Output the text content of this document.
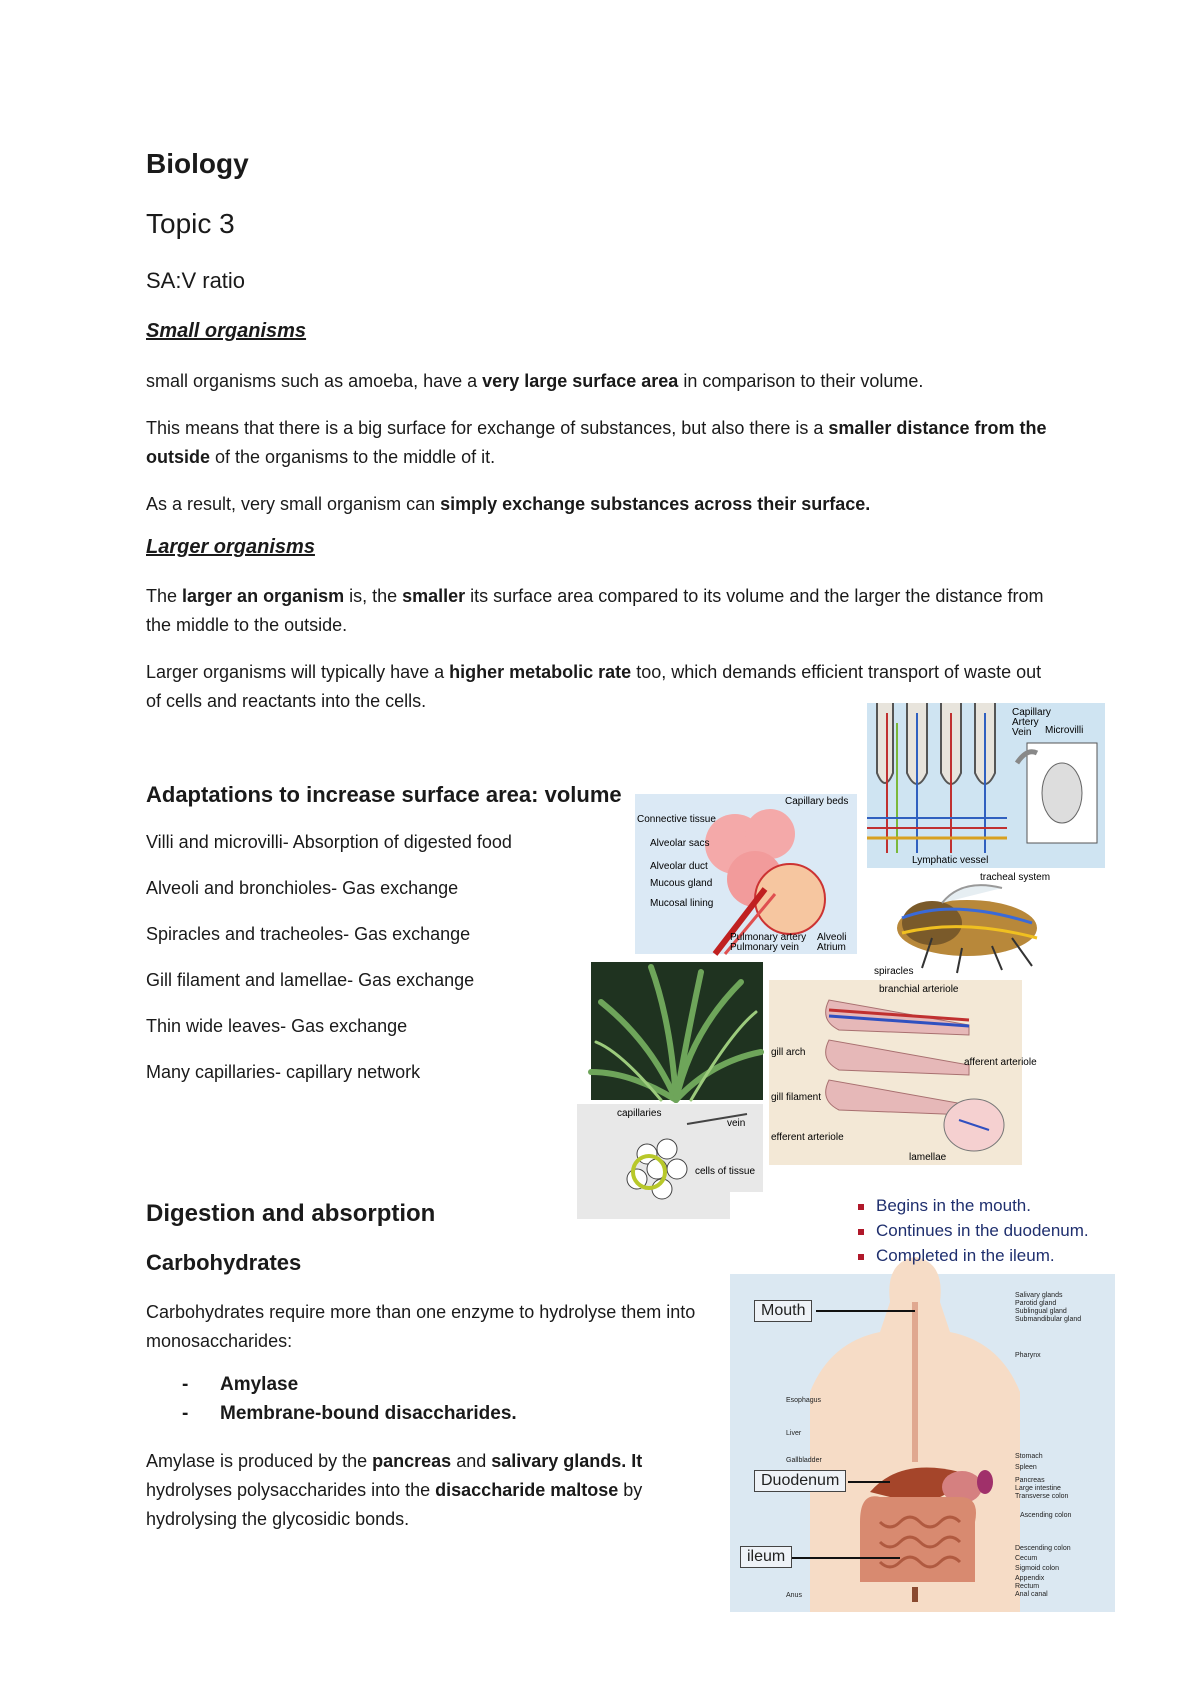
Biology
Topic 3
SA:V ratio
Small organisms
small organisms such as amoeba, have a very large surface area in comparison to their volume.
This means that there is a big surface for exchange of substances, but also there is a smaller distance from the outside of the organisms to the middle of it.
As a result, very small organism can simply exchange substances across their surface.
Larger organisms
The larger an organism is, the smaller its surface area compared to its volume and the larger the distance from the middle to the outside.
Larger organisms will typically have a higher metabolic rate too, which demands efficient transport of waste out of cells and reactants into the cells.
Adaptations to increase surface area: volume
Villi and microvilli- Absorption of digested food
Alveoli and bronchioles- Gas exchange
Spiracles and tracheoles- Gas exchange
Gill filament and lamellae- Gas exchange
Thin wide leaves- Gas exchange
Many capillaries- capillary network
Digestion and absorption
Carbohydrates
Carbohydrates require more than one enzyme to hydrolyse them into monosaccharides:
- Amylase
- Membrane-bound disaccharides.
Amylase is produced by the pancreas and salivary glands. It hydrolyses polysaccharides into the disaccharide maltose by hydrolysing the glycosidic bonds.
Microvilli
Capillary
Artery
Vein
Lymphatic vessel
Capillary beds
Connective tissue
Alveolar sacs
Alveolar duct
Mucous gland
Mucosal lining
Pulmonary artery
Pulmonary vein
Alveoli
Atrium
tracheal system
spiracles
branchial arteriole
gill arch
gill filament
afferent arteriole
efferent arteriole
lamellae
capillaries
vein
cells of tissue
Salivary glands
Parotid gland
Sublingual gland
Submandibular gland
Pharynx
Esophagus
Liver
Gallbladder
Stomach
Spleen
Pancreas
Large intestine
Transverse colon
Ascending colon
Descending colon
Cecum
Sigmoid colon
Appendix
Rectum
Anal canal
Anus
Begins in the mouth.
Continues in the duodenum.
Completed in the ileum.
Mouth
Duodenum
ileum
